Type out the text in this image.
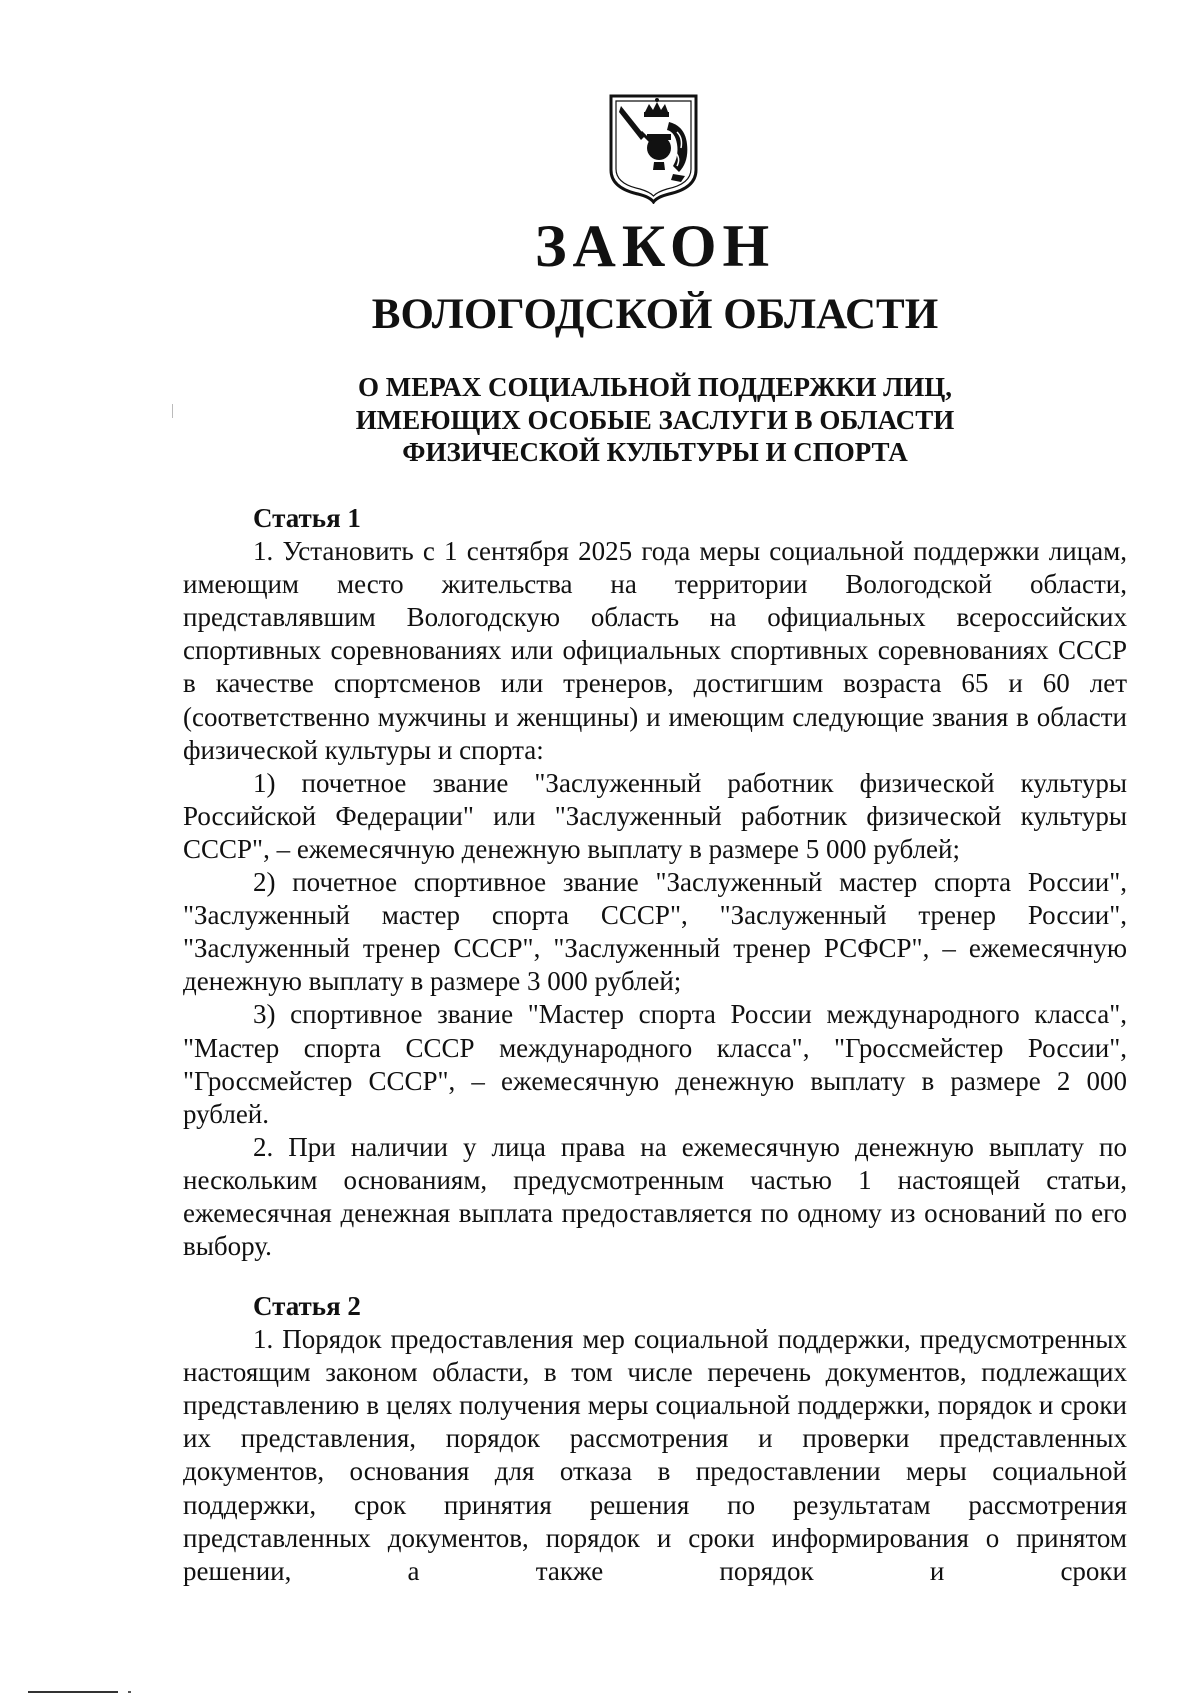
ЗАКОН
ВОЛОГОДСКОЙ ОБЛАСТИ
О МЕРАХ СОЦИАЛЬНОЙ ПОДДЕРЖКИ ЛИЦ,
ИМЕЮЩИХ ОСОБЫЕ ЗАСЛУГИ В ОБЛАСТИ
ФИЗИЧЕСКОЙ КУЛЬТУРЫ И СПОРТА

Статья 1

1. Установить с 1 сентября 2025 года меры социальной поддержки лицам, имеющим место жительства на территории Вологодской области, представлявшим Вологодскую область на официальных всероссийских спортивных соревнованиях или официальных спортивных соревнованиях СССР в качестве спортсменов или тренеров, достигшим возраста 65 и 60 лет (соответственно мужчины и женщины) и имеющим следующие звания в области физической культуры и спорта:

1) почетное звание "Заслуженный работник физической культуры Российской Федерации" или "Заслуженный работник физической культуры СССР", – ежемесячную денежную выплату в размере 5 000 рублей;

2) почетное спортивное звание "Заслуженный мастер спорта России", "Заслуженный мастер спорта СССР", "Заслуженный тренер России", "Заслуженный тренер СССР", "Заслуженный тренер РСФСР", – ежемесячную денежную выплату в размере 3 000 рублей;

3) спортивное звание "Мастер спорта России международного класса", "Мастер спорта СССР международного класса", "Гроссмейстер России", "Гроссмейстер СССР", – ежемесячную денежную выплату в размере 2 000 рублей.

2. При наличии у лица права на ежемесячную денежную выплату по нескольким основаниям, предусмотренным частью 1 настоящей статьи, ежемесячная денежная выплата предоставляется по одному из оснований по его выбору.

Статья 2

1. Порядок предоставления мер социальной поддержки, предусмотренных настоящим законом области, в том числе перечень документов, подлежащих представлению в целях получения меры социальной поддержки, порядок и сроки их представления, порядок рассмотрения и проверки представленных документов, основания для отказа в предоставлении меры социальной поддержки, срок принятия решения по результатам рассмотрения представленных документов, порядок и сроки информирования о принятом решении, а также порядок и сроки
